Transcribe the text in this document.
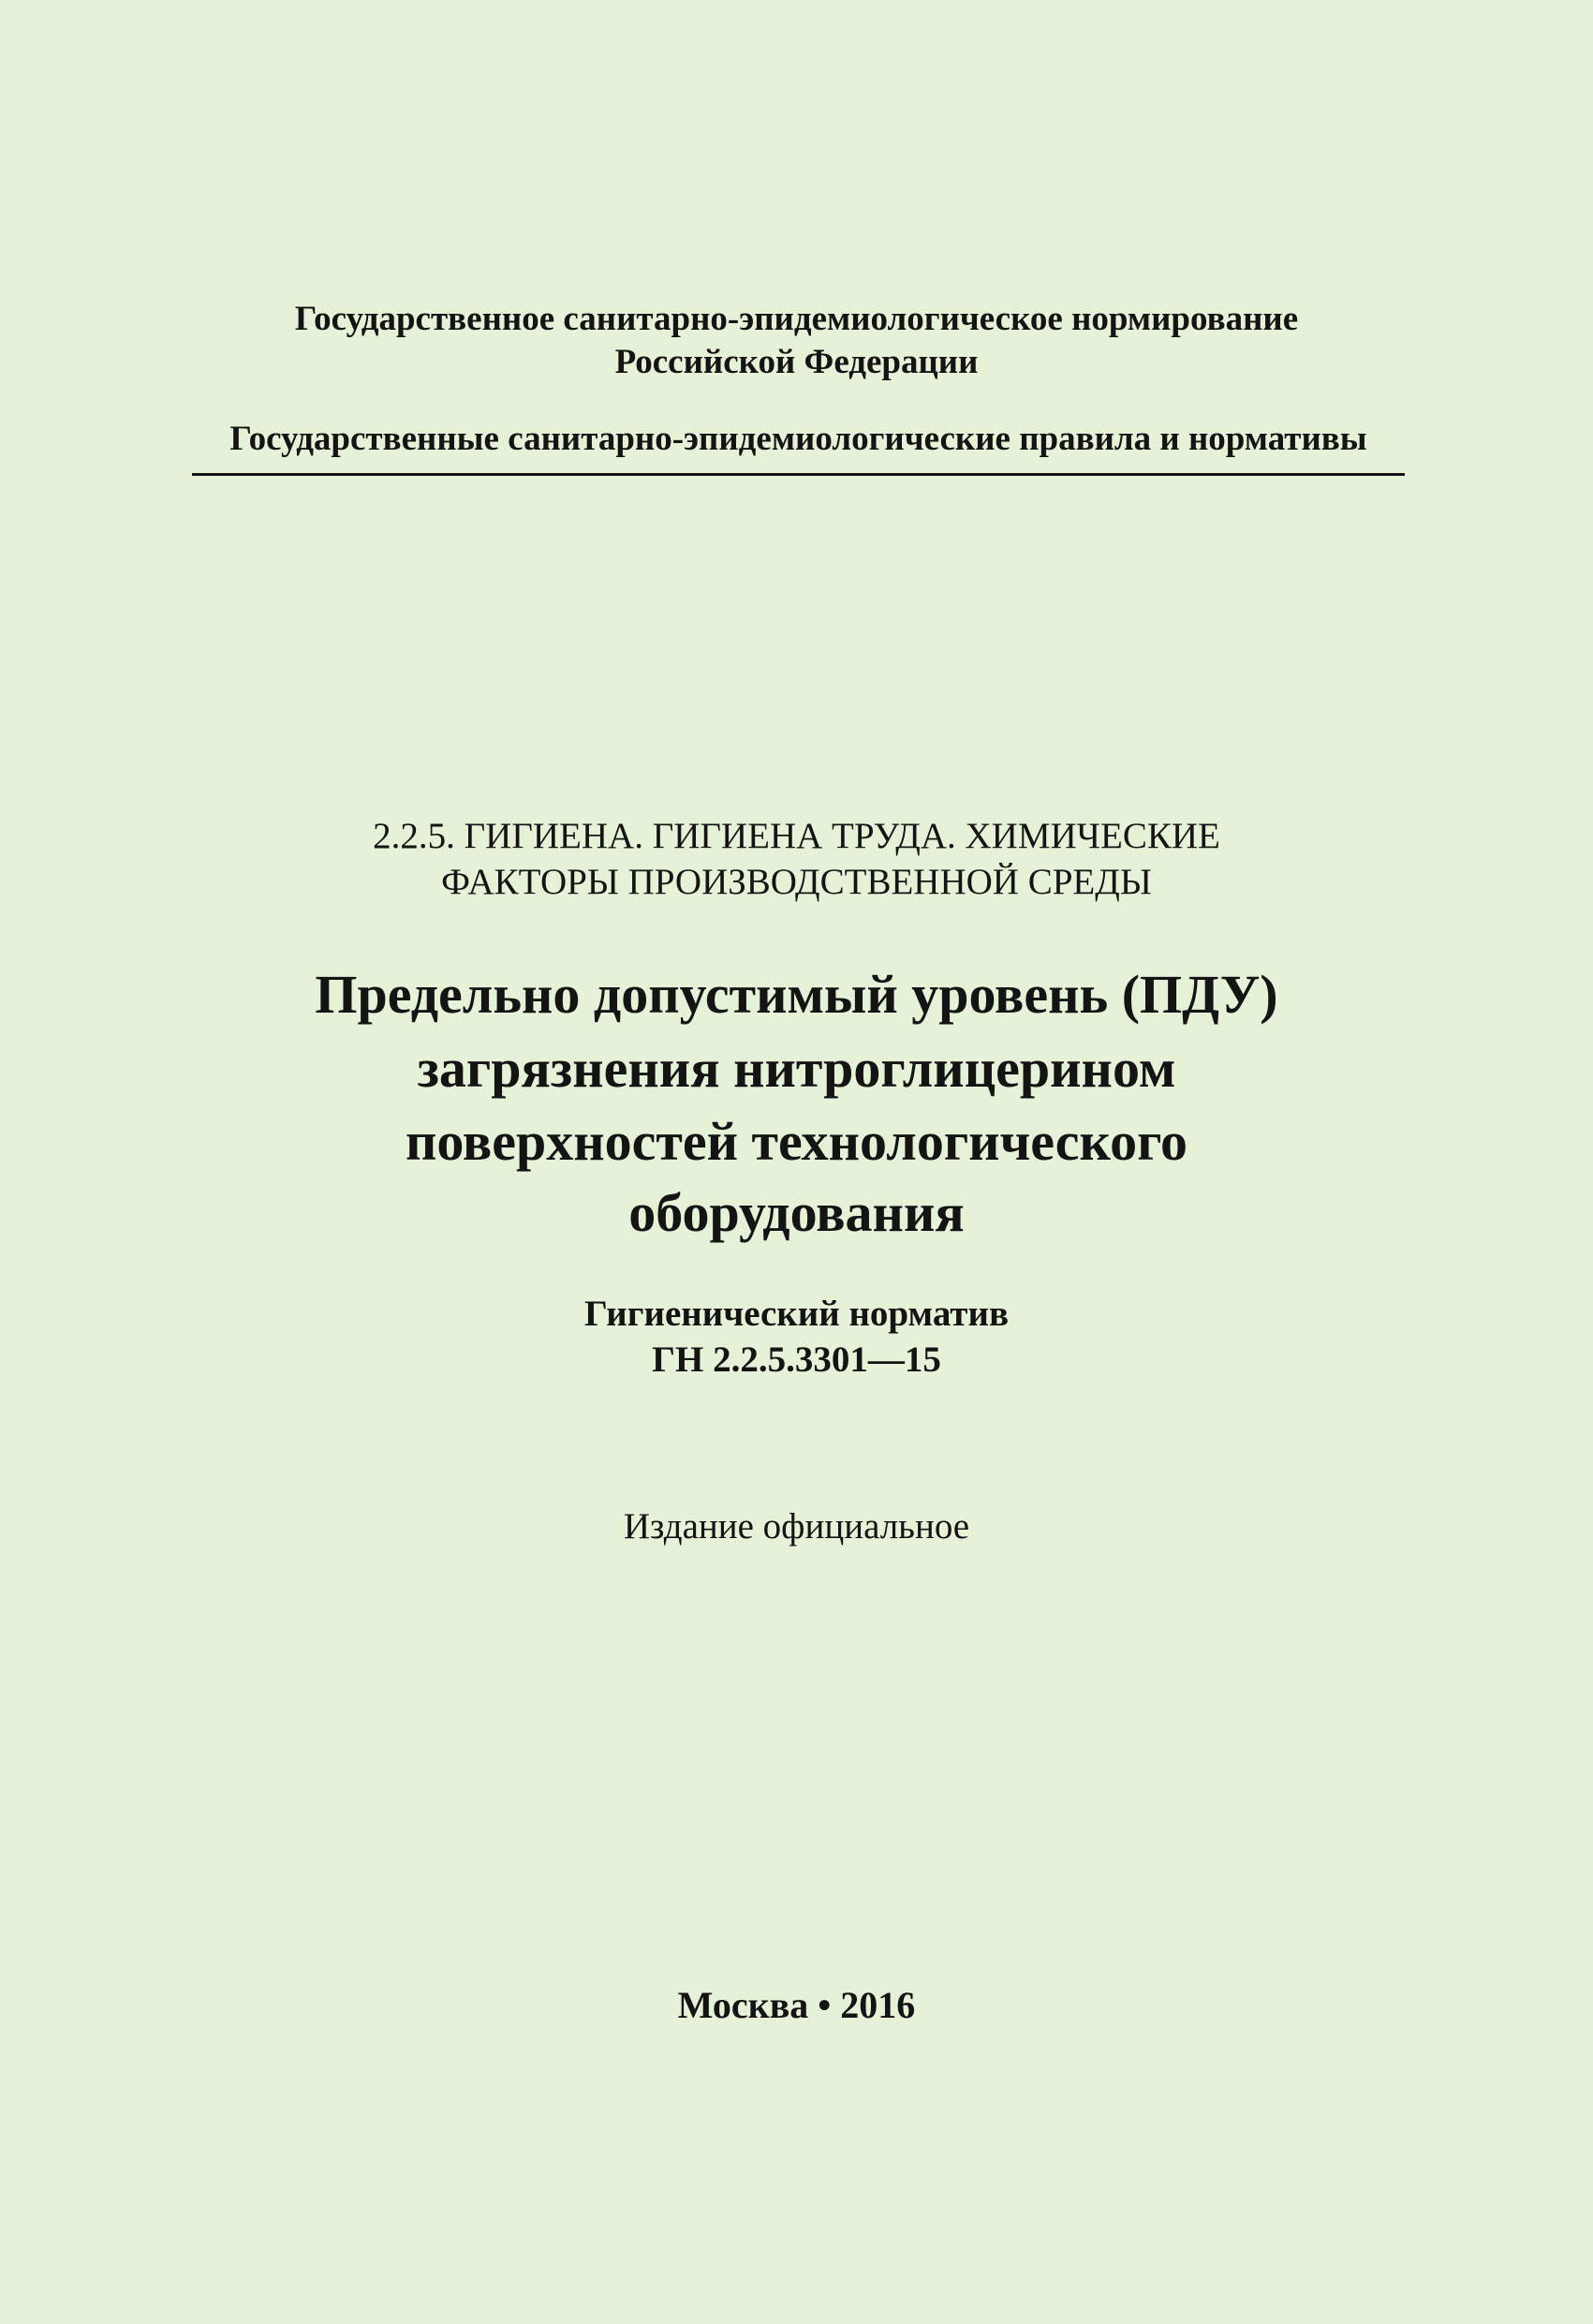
Государственное санитарно-эпидемиологическое нормирование
Российской Федерации
Государственные санитарно-эпидемиологические правила и нормативы
2.2.5. ГИГИЕНА. ГИГИЕНА ТРУДА. ХИМИЧЕСКИЕ
ФАКТОРЫ ПРОИЗВОДСТВЕННОЙ СРЕДЫ
Предельно допустимый уровень (ПДУ)
загрязнения нитроглицерином
поверхностей технологического
оборудования
Гигиенический норматив
ГН 2.2.5.3301—15
Издание официальное
Москва • 2016
